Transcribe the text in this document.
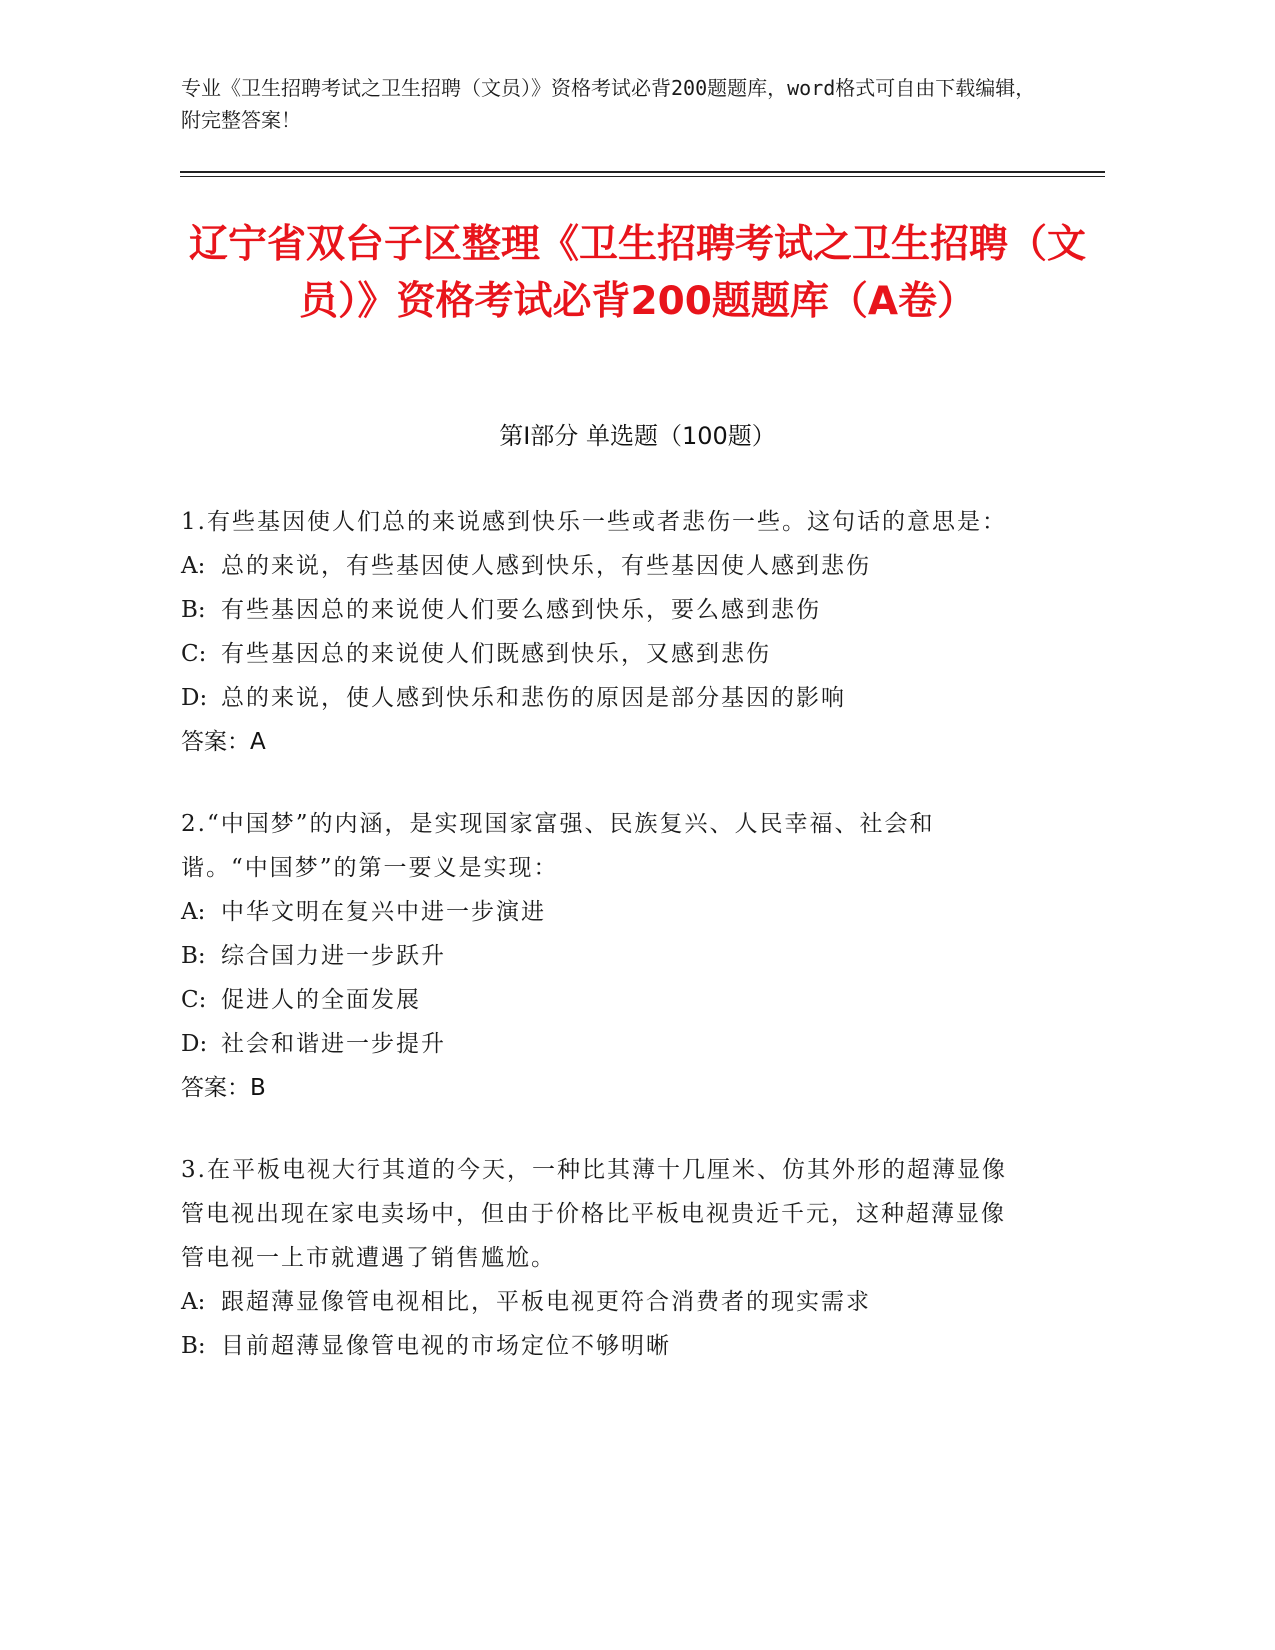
专业《卫生招聘考试之卫生招聘（文员）》资格考试必背200题题库，word格式可自由下载编辑，附完整答案！
辽宁省双台子区整理《卫生招聘考试之卫生招聘（文员）》资格考试必背200题题库（A卷）
第Ⅰ部分 单选题（100题）
1.有些基因使人们总的来说感到快乐一些或者悲伤一些。这句话的意思是：
A: 总的来说，有些基因使人感到快乐，有些基因使人感到悲伤
B: 有些基因总的来说使人们要么感到快乐，要么感到悲伤
C: 有些基因总的来说使人们既感到快乐，又感到悲伤
D: 总的来说，使人感到快乐和悲伤的原因是部分基因的影响
答案：A
2.“中国梦”的内涵，是实现国家富强、民族复兴、人民幸福、社会和谐。“中国梦”的第一要义是实现：
A: 中华文明在复兴中进一步演进
B: 综合国力进一步跃升
C: 促进人的全面发展
D: 社会和谐进一步提升
答案：B
3.在平板电视大行其道的今天，一种比其薄十几厘米、仿其外形的超薄显像管电视出现在家电卖场中，但由于价格比平板电视贵近千元，这种超薄显像管电视一上市就遭遇了销售尴尬。
A: 跟超薄显像管电视相比，平板电视更符合消费者的现实需求
B: 目前超薄显像管电视的市场定位不够明晰
